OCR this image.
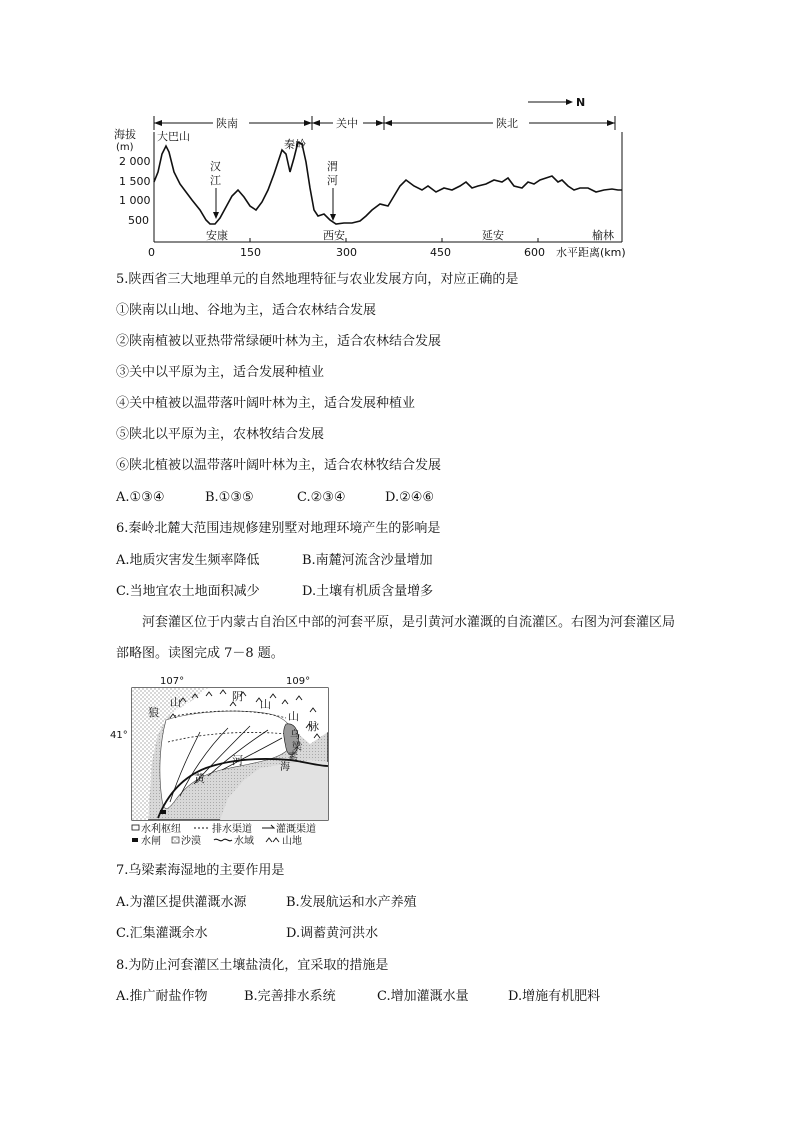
N
陕南	关中	陕北
海拔
(m)
2 000
1 500
1 000
500
大巴山
秦岭
汉
江
渭
河
安康	西安	延安	榆林
0	150	300	450	600 水平距离(km)
5.陕西省三大地理单元的自然地理特征与农业发展方向，对应正确的是
①陕南以山地、谷地为主，适合农林结合发展
②陕南植被以亚热带常绿硬叶林为主，适合农林结合发展
③关中以平原为主，适合发展种植业
④关中植被以温带落叶阔叶林为主，适合发展种植业
⑤陕北以平原为主，农林牧结合发展
⑥陕北植被以温带落叶阔叶林为主，适合农林牧结合发展
A.①③④	B.①③⑤	C.②③④	D.②④⑥
6.秦岭北麓大范围违规修建别墅对地理环境产生的影响是
A.地质灾害发生频率降低	B.南麓河流含沙量增加
C.当地宜农土地面积减少	D.土壤有机质含量增多
河套灌区位于内蒙古自治区中部的河套平原，是引黄河水灌溉的自流灌区。右图为河套灌区局部略图。读图完成 7－8 题。
107°	109°
41°
狼
山	阴
山
山
脉
乌
梁
素
海
河
黄
水利枢纽	排水渠道 灌溉渠道
水闸 沙漠	水域	山地
7.乌梁素海湿地的主要作用是
A.为灌区提供灌溉水源	B.发展航运和水产养殖
C.汇集灌溉余水	D.调蓄黄河洪水
8.为防止河套灌区土壤盐渍化，宜采取的措施是
A.推广耐盐作物	B.完善排水系统	C.增加灌溉水量	D.增施有机肥料
